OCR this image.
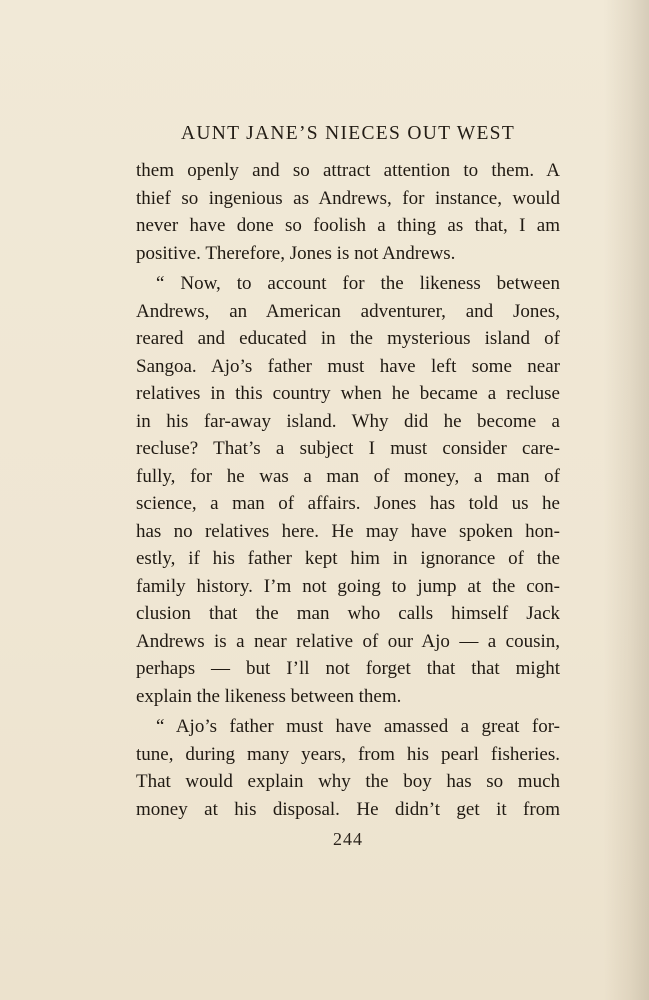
AUNT JANE’S NIECES OUT WEST
them openly and so attract attention to them. A
thief so ingenious as Andrews, for instance, would
never have done so foolish a thing as that, I am
positive. Therefore, Jones is not Andrews.
“ Now, to account for the likeness between
Andrews, an American adventurer, and Jones,
reared and educated in the mysterious island of
Sangoa. Ajo’s father must have left some near
relatives in this country when he became a recluse
in his far-away island. Why did he become a
recluse? That’s a subject I must consider care-
fully, for he was a man of money, a man of
science, a man of affairs. Jones has told us he
has no relatives here. He may have spoken hon-
estly, if his father kept him in ignorance of the
family history. I’m not going to jump at the con-
clusion that the man who calls himself Jack
Andrews is a near relative of our Ajo — a cousin,
perhaps — but I’ll not forget that that might
explain the likeness between them.
“ Ajo’s father must have amassed a great for-
tune, during many years, from his pearl fisheries.
That would explain why the boy has so much
money at his disposal. He didn’t get it from
244
